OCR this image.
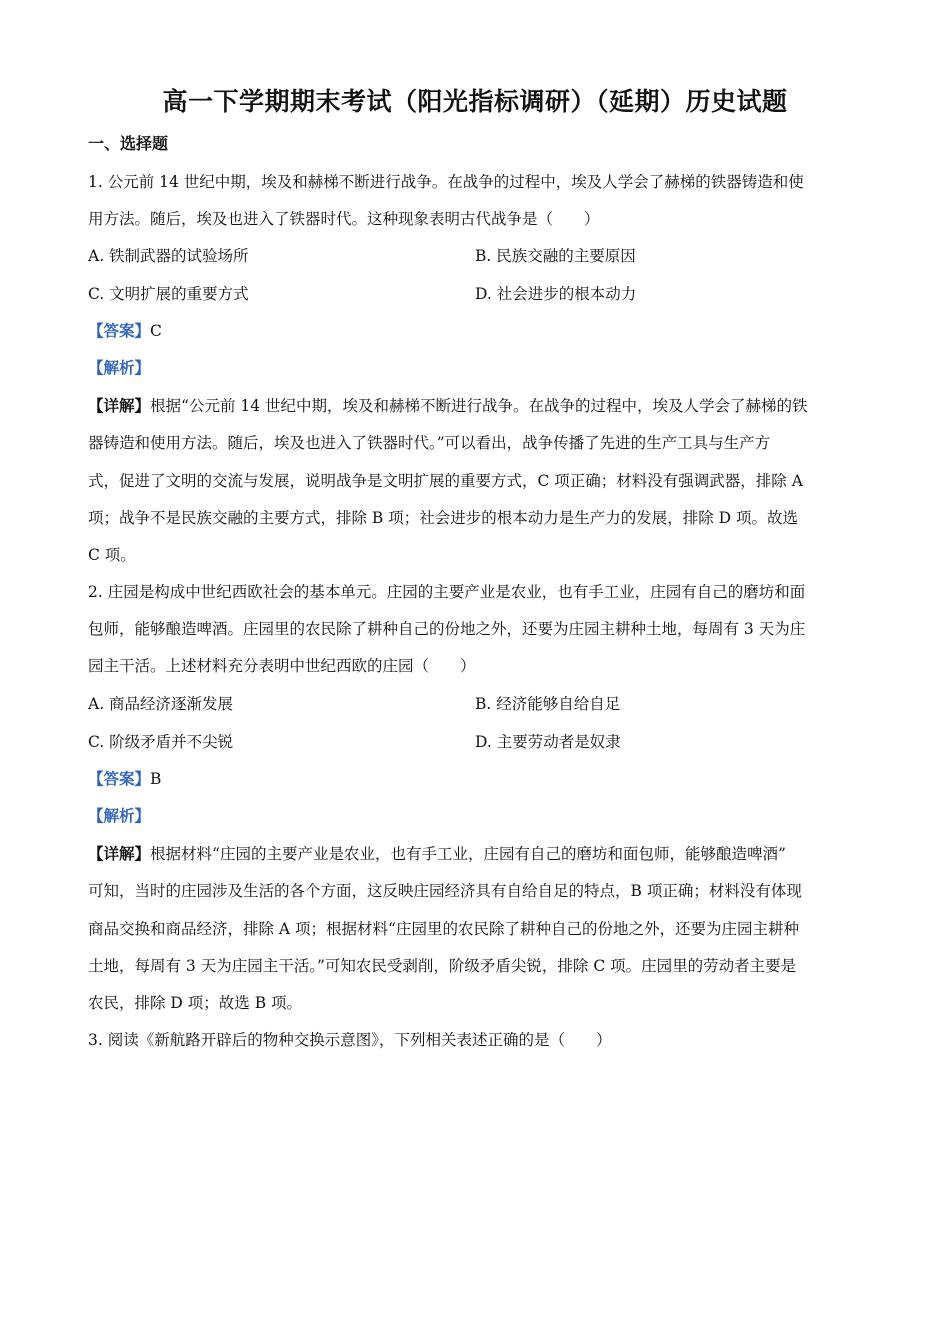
高一下学期期末考试（阳光指标调研）（延期）历史试题
一、选择题
1. 公元前 14 世纪中期，埃及和赫梯不断进行战争。在战争的过程中，埃及人学会了赫梯的铁器铸造和使
用方法。随后，埃及也进入了铁器时代。这种现象表明古代战争是（　　）
A. 铁制武器的试验场所	B. 民族交融的主要原因
C. 文明扩展的重要方式	D. 社会进步的根本动力
【答案】C
【解析】
【详解】根据“公元前 14 世纪中期，埃及和赫梯不断进行战争。在战争的过程中，埃及人学会了赫梯的铁
器铸造和使用方法。随后，埃及也进入了铁器时代。”可以看出，战争传播了先进的生产工具与生产方
式，促进了文明的交流与发展，说明战争是文明扩展的重要方式，C 项正确；材料没有强调武器，排除 A
项；战争不是民族交融的主要方式，排除 B 项；社会进步的根本动力是生产力的发展，排除 D 项。故选
C 项。
2. 庄园是构成中世纪西欧社会的基本单元。庄园的主要产业是农业，也有手工业，庄园有自己的磨坊和面
包师，能够酿造啤酒。庄园里的农民除了耕种自己的份地之外，还要为庄园主耕种土地，每周有 3 天为庄
园主干活。上述材料充分表明中世纪西欧的庄园（　　）
A. 商品经济逐渐发展	B. 经济能够自给自足
C. 阶级矛盾并不尖锐	D. 主要劳动者是奴隶
【答案】B
【解析】
【详解】根据材料“庄园的主要产业是农业，也有手工业，庄园有自己的磨坊和面包师，能够酿造啤酒”
可知，当时的庄园涉及生活的各个方面，这反映庄园经济具有自给自足的特点，B 项正确；材料没有体现
商品交换和商品经济，排除 A 项；根据材料“庄园里的农民除了耕种自己的份地之外，还要为庄园主耕种
土地，每周有 3 天为庄园主干活。”可知农民受剥削，阶级矛盾尖锐，排除 C 项。庄园里的劳动者主要是
农民，排除 D 项；故选 B 项。
3. 阅读《新航路开辟后的物种交换示意图》，下列相关表述正确的是（　　）
